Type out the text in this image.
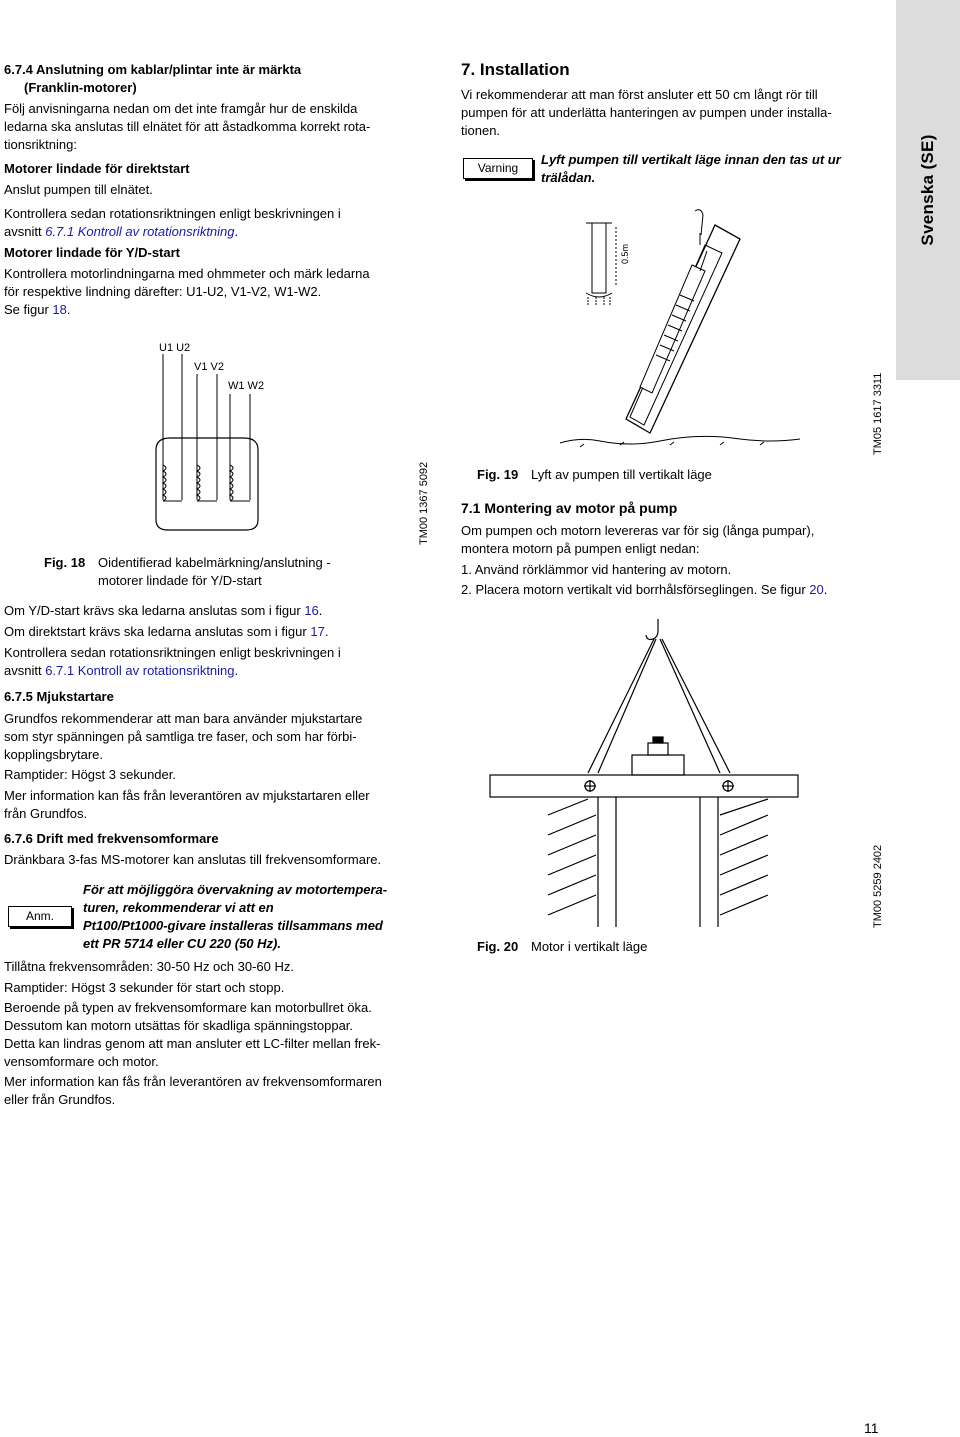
Svenska (SE)

6.7.4 Anslutning om kablar/plintar inte är märkta

(Franklin-motorer)

Följ anvisningarna nedan om det inte framgår hur de enskilda

ledarna ska anslutas till elnätet för att åstadkomma korrekt rota-

tionsriktning:

Motorer lindade för direktstart

Anslut pumpen till elnätet.

Kontrollera sedan rotationsriktningen enligt beskrivningen i

avsnitt 6.7.1 Kontroll av rotationsriktning.

Motorer lindade för Y/D-start

Kontrollera motorlindningarna med ohmmeter och märk ledarna

för respektive lindning därefter: U1-U2, V1-V2, W1-W2.

Se figur 18.

U1 U2
V1 V2
W1 W2
TM00 1367 5092

Fig. 18 Oidentifierad kabelmärkning/anslutning -

motorer lindade för Y/D-start

Om Y/D-start krävs ska ledarna anslutas som i figur 16.

Om direktstart krävs ska ledarna anslutas som i figur 17.

Kontrollera sedan rotationsriktningen enligt beskrivningen i

avsnitt 6.7.1 Kontroll av rotationsriktning.

6.7.5 Mjukstartare

Grundfos rekommenderar att man bara använder mjukstartare

som styr spänningen på samtliga tre faser, och som har förbi-

kopplingsbrytare.

Ramptider: Högst 3 sekunder.

Mer information kan fås från leverantören av mjukstartaren eller

från Grundfos.

6.7.6 Drift med frekvensomformare

Dränkbara 3-fas MS-motorer kan anslutas till frekvensomformare.

Anm.

För att möjliggöra övervakning av motortempera-

turen, rekommenderar vi att en

Pt100/Pt1000-givare installeras tillsammans med

ett PR 5714 eller CU 220 (50 Hz).

Tillåtna frekvensområden: 30-50 Hz och 30-60 Hz.

Ramptider: Högst 3 sekunder för start och stopp.

Beroende på typen av frekvensomformare kan motorbullret öka.

Dessutom kan motorn utsättas för skadliga spänningstoppar.

Detta kan lindras genom att man ansluter ett LC-filter mellan frek-

vensomformare och motor.

Mer information kan fås från leverantören av frekvensomformaren

eller från Grundfos.

7. Installation

Vi rekommenderar att man först ansluter ett 50 cm långt rör till

pumpen för att underlätta hanteringen av pumpen under installa-

tionen.

Varning

Lyft pumpen till vertikalt läge innan den tas ut ur

trälådan.

0.5m
TM05 1617 3311

Fig. 19 Lyft av pumpen till vertikalt läge

7.1 Montering av motor på pump

Om pumpen och motorn levereras var för sig (långa pumpar),

montera motorn på pumpen enligt nedan:

1. Använd rörklämmor vid hantering av motorn.

2. Placera motorn vertikalt vid borrhålsförseglingen. Se figur 20.

TM00 5259 2402

Fig. 20 Motor i vertikalt läge

11
